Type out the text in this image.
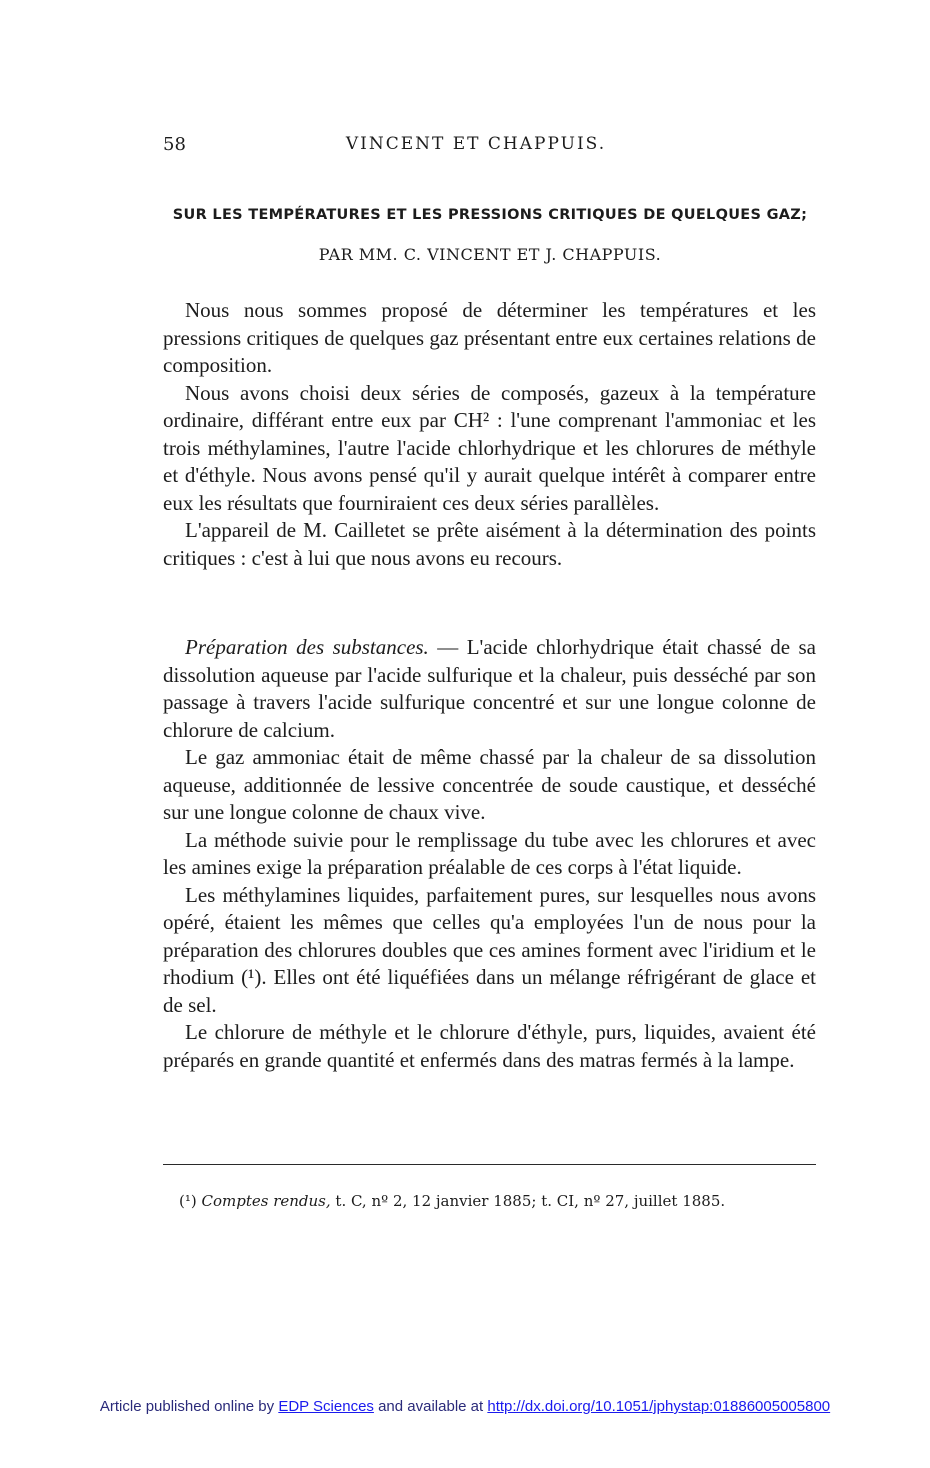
58	VINCENT ET CHAPPUIS.
SUR LES TEMPÉRATURES ET LES PRESSIONS CRITIQUES DE QUELQUES GAZ;
PAR MM. C. VINCENT ET J. CHAPPUIS.

Nous nous sommes proposé de déterminer les températures et les pressions critiques de quelques gaz présentant entre eux certaines relations de composition.

Nous avons choisi deux séries de composés, gazeux à la température ordinaire, différant entre eux par CH² : l'une comprenant l'ammoniac et les trois méthylamines, l'autre l'acide chlorhydrique et les chlorures de méthyle et d'éthyle. Nous avons pensé qu'il y aurait quelque intérêt à comparer entre eux les résultats que fourniraient ces deux séries parallèles.

L'appareil de M. Cailletet se prête aisément à la détermination des points critiques : c'est à lui que nous avons eu recours.

Préparation des substances. — L'acide chlorhydrique était chassé de sa dissolution aqueuse par l'acide sulfurique et la chaleur, puis desséché par son passage à travers l'acide sulfurique concentré et sur une longue colonne de chlorure de calcium.

Le gaz ammoniac était de même chassé par la chaleur de sa dissolution aqueuse, additionnée de lessive concentrée de soude caustique, et desséché sur une longue colonne de chaux vive.

La méthode suivie pour le remplissage du tube avec les chlorures et avec les amines exige la préparation préalable de ces corps à l'état liquide.

Les méthylamines liquides, parfaitement pures, sur lesquelles nous avons opéré, étaient les mêmes que celles qu'a employées l'un de nous pour la préparation des chlorures doubles que ces amines forment avec l'iridium et le rhodium (¹). Elles ont été liquéfiées dans un mélange réfrigérant de glace et de sel.

Le chlorure de méthyle et le chlorure d'éthyle, purs, liquides, avaient été préparés en grande quantité et enfermés dans des matras fermés à la lampe.

(¹) Comptes rendus, t. C, nº 2, 12 janvier 1885; t. CI, nº 27, juillet 1885.
Article published online by EDP Sciences and available at http://dx.doi.org/10.1051/jphystap:01886005005800
